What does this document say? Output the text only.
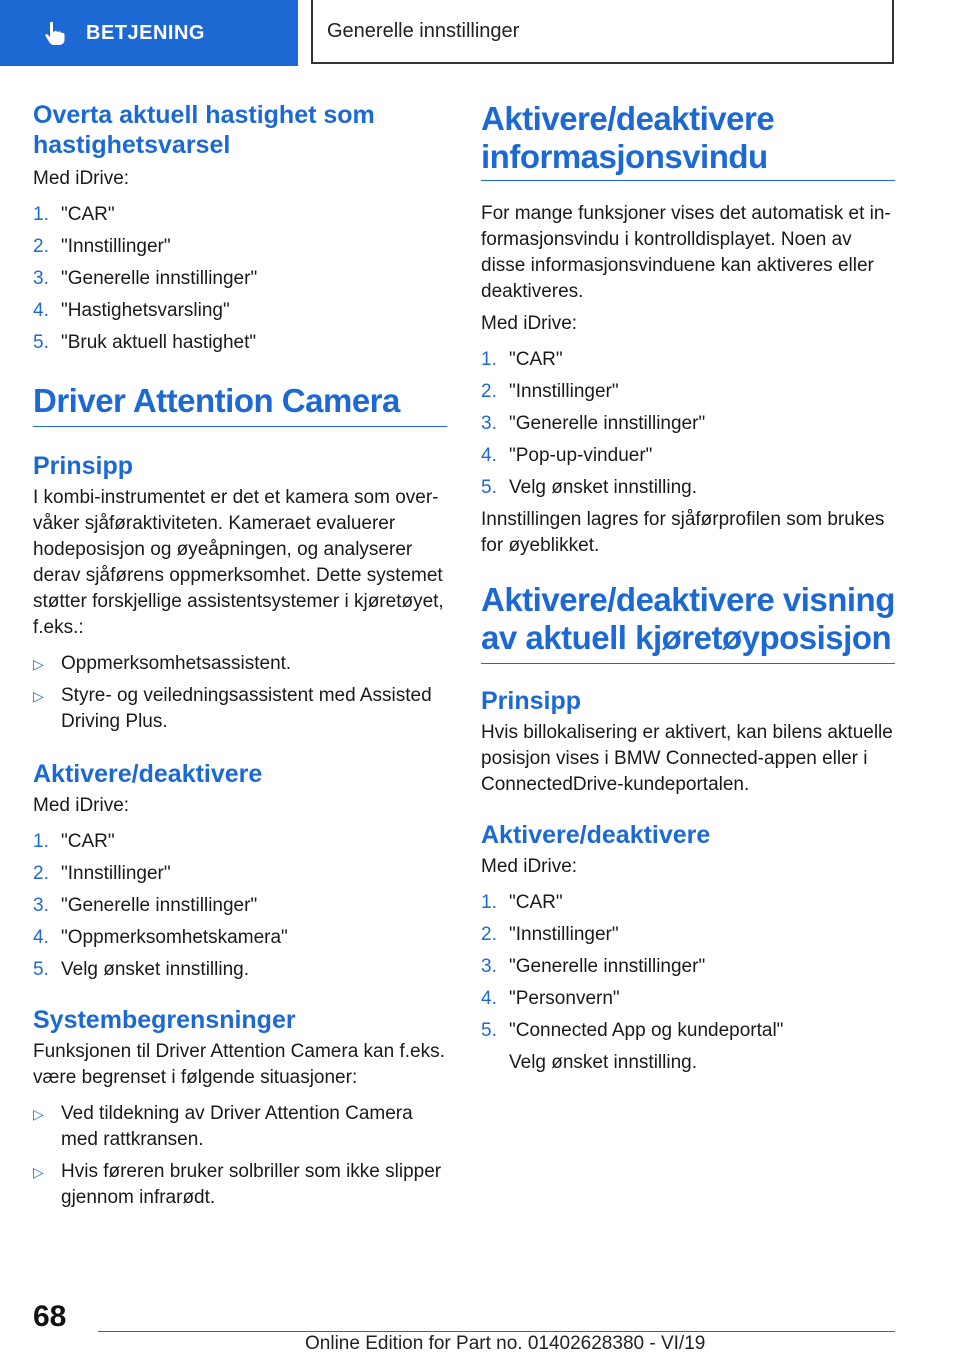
BETJENING	Generelle innstillinger
Overta aktuell hastighet som hastighetsvarsel

Med iDrive:

1. "CAR"
2. "Innstillinger"
3. "Generelle innstillinger"
4. "Hastighetsvarsling"
5. "Bruk aktuell hastighet"
Driver Attention Camera
Prinsipp

I kombi-instrumentet er det et kamera som overvåker sjåføraktiviteten. Kameraet evaluerer hodeposisjon og øyeåpningen, og analyserer derav sjåførens oppmerksomhet. Dette systemet støtter forskjellige assistentsystemer i kjøretøyet, f.eks.:

▷ Oppmerksomhetsassistent.
▷ Styre- og veiledningsassistent med Assisted Driving Plus.
Aktivere/deaktivere

Med iDrive:

1. "CAR"
2. "Innstillinger"
3. "Generelle innstillinger"
4. "Oppmerksomhetskamera"
5. Velg ønsket innstilling.
Systembegrensninger

Funksjonen til Driver Attention Camera kan f.eks. være begrenset i følgende situasjoner:

▷ Ved tildekning av Driver Attention Camera med rattkransen.
▷ Hvis føreren bruker solbriller som ikke slipper gjennom infrarødt.
Aktivere/deaktivere informasjonsvindu

For mange funksjoner vises det automatisk et informasjonsvindu i kontrolldisplayet. Noen av disse informasjonsvinduene kan aktiveres eller deaktiveres.

Med iDrive:

1. "CAR"
2. "Innstillinger"
3. "Generelle innstillinger"
4. "Pop-up-vinduer"
5. Velg ønsket innstilling.

Innstillingen lagres for sjåførprofilen som brukes for øyeblikket.

Aktivere/deaktivere visning av aktuell kjøretøyposisjon
Prinsipp

Hvis billokalisering er aktivert, kan bilens aktuelle posisjon vises i BMW Connected-appen eller i ConnectedDrive-kundeportalen.

Aktivere/deaktivere

Med iDrive:

1. "CAR"
2. "Innstillinger"
3. "Generelle innstillinger"
4. "Personvern"
5. "Connected App og kundeportal"

Velg ønsket innstilling.

68
Online Edition for Part no. 01402628380 - VI/19
